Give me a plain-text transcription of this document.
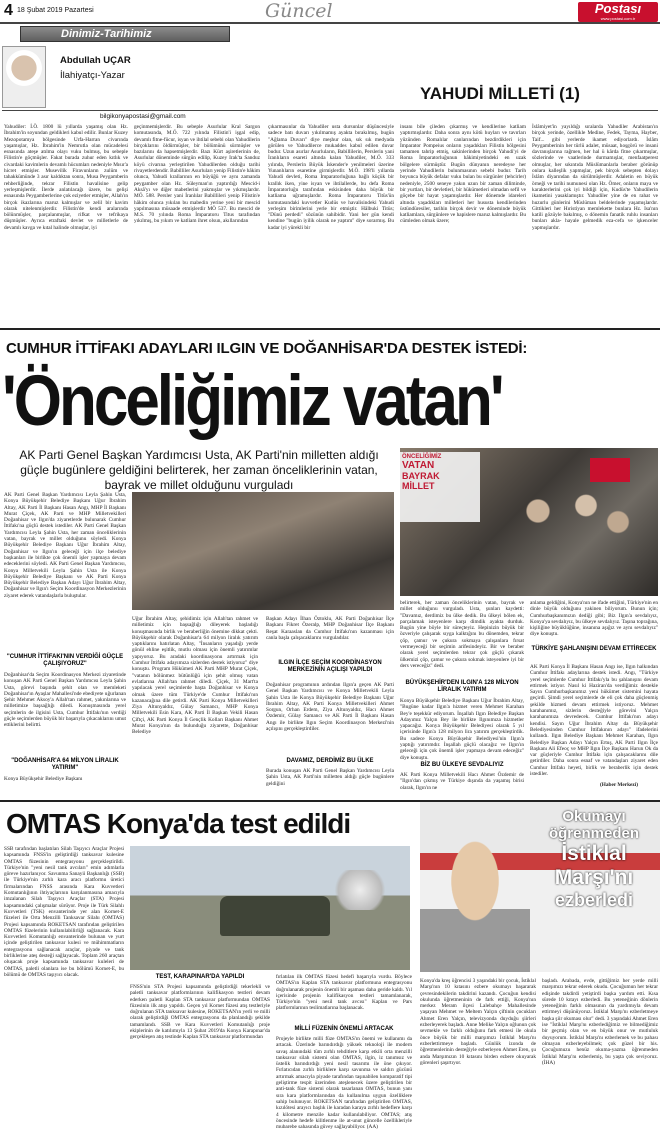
4 18 Şubat 2019 Pazartesi	Güncel	Postası
www.postasi.com.tr
Dinimiz-Tarihimiz
Abdullah UÇAR
İlahiyatçı-Yazar
YAHUDİ MİLLETİ (1)
bilgikonyapostasi@gmail.com
Yahudiler: İ.Ö. 1800 lü yıllarda yaşamış olan Hz. İbrahim'in soyundan geldikleri kabul edilir. Bunlar Kuzey Mezopotamya bölgesinde Urfa-Harran civarında yaşamışlar, Hz. İbrahim'in Nemrutla olan mücadelesi esnasında ateşe atılma olayı vuku bulmuş, bu sebeple Filistin'e göçmüşler. Fakat burada zuhur eden kıtlık ve civardaki kavimlerin devamlı hücumları nedeniyle Mısır'a hicret etmişler. Musevilik Firavunların zulüm ve tahakkümünde 3 asır kaldıktan sonra, Musa Peygamberin rehberliğinde, tekrar Filistin havalisine gelip yerleşmişlerdir. İlerde anlatılacağı üzere, bu gelişi esnasında Peygamberlerine çok eziyetler etmişler, Allah'ın birçok ikazlarına maruz kalmışlar ve zelil bir kavim olarak nitelenmişlerdir. Filistin'de kendi aralarında bölünmüşler, parçalanmışlar, rifkat ve tefrikaya düşmüşler. Ayrıca etraftaki devlet ve milletlerle de devamlı kavga ve kıtal halinde olmuşlar, iyi
geçinmemişlerdir. Bu sebeple Asurlular Kral Sargon komutasında, M.Ö. 722 yılında Filistin'i işgal edip, devamlı fitne-fücur, isyan ve ihtilal sebebi olan Yahudilerin birçoklarını öldürmüşler, bir bölümünü sürmüşler ve bazılarını da hapsetmişlerdir. Bazı Kürt aşiretlerinin de, Asurlular döneminde sürgün edilip, Kuzey Irak'ta Sanduz köyü civarına yerleştirilen Yahudilerden olduğu tarihi rivayetlerdendir. Babilliler Asurluları yenip Filistin'e hâkim olunca, Yahudi krallarının en büyüğü ve aynı zamanda peygamber olan Hz. Süleyman'ın yaptırdığı Mescid-i Aksâ'yı ve diğer mabetlerini yakmışlar ve yıkmışlardır. MÖ. 588. Persler yani İranlılar Babillileri yenip Filistin'e hâkim olunca yıkılan bu mabedin yerine yeni bir mescid yapılmasına müsaade etmişlerdir MÖ 537. Bu mescid de M.S. 70 yılında Roma İmparatoru Titus tarafından yıkılmış, bu yıkım ve katliam ihret olsun, akıllarından
çıkarmasınlar da Yahudiler usta dursunlar düşüncesiyle sadece batı duvarı yıkılmamış ayakta bırakılmış, bugün "Ağlama Duvarı" diye meşhur olan, sık sık medyada görülen ve Yahudilerce mukaddes kabul edilen duvar budur. Uzun asırlar Asurluların, Babillilerin, Perslerin yani İranlıların esareti altında kalan Yahudiler, M.Ö. 333 yılında, Perslerin Büyük İskender'e yenilmeleri üzerine Yunanlıların esaretine girmişlerdir. M.Ö. 198'li yıllarda Yahudi devleti, Roma İmparatorluğuna bağlı küçük bir krallık iken, yine isyan ve ihtilallerde, bu defa Roma İmparatorluğu tarafından eskisinden daha büyük bir katliama uğramışlardır. Roma İmparatoru Titüs'ün komutasındaki kuvvetler Kudüs ve havalisindeki Yahudi yerleşim birimlerini yerle bir etmiştir. Hâlbuki Titüs; "Dünü perdedi" sözünün sahibidir. Yani her gün kendi kendine "bugün iyilik olarak ne yaptım" diye sorarmış. Bu kadar iyi yürekli bir
insanı bile çileden çıkarmış ve kendilerine katliam yaptırmışlardır. Daha sonra aynı kötü huyları ve tavırları yüzünden Romalılar canlarından bezdirdikleri için İmparator Pompeius onların yaşadıkları Filistin bölgesini tamamen tahrip etmiş, sakinlerinden birçok Yahudi'yi de Roma İmparatorluğunun hâkimiyetindeki en uzak bölgelere sürmüştür. Bugün dünyanın neredeyse her yerinde Yahudilerin bulunmasının sebebi budur. Tarih boyunca büyük defalar vuku bulan bu sürgünler (tehcirler) nedeniyle, 2500 seneye yakın uzun bir zaman diliminde, bir yurtları, bir devletleri, bir hükümetleri olmadan sefil ve göçebe bir hayat yaşamışlardır. Her dönemde idareleri altında yaşadıkları milletleri her hususta kendilerinden üstündüresiler, tarihin birçok devir ve döneminde büyük katliamlara, sürgünlere ve hapislere maruz kalmışlardır. Bu cümleden olmak üzere;
İslâmiyet'in yayıldığı sıralarda Yahudiler Arabistan'ın birçok yerinde, özellikle Medine, Fedek, Tayma, Hayber, Taif... gibi yerlerde ikamet ediyorlardı. İslâm Peygamberinin her türlü adalet, müsaat, hoşgörü ve insani davranışlarına rağmen, her hal ü kârda fitne çıkarmışlar, sözlerinde ve vaatlerinde durmamışlar, menfaatperest olmuşlar, her sıkıntıda Müslümanlarla beraber görünüp onlara kalleşlik yapmışlar, pek birçok sebepten dolayı İslâm diyarından da sürülmüşlerdir. Adaletin en büyük örneği ve tarihi numunesi olan Hz. Ömer, onların maya ve karakterlerini çok iyi bildiği için, Kudüs'te Yahudilerin ikametini yasaklamıştır. Yahudiler yine de en rahat ve huzurlu günlerini Müslüman beldelerinde yaşamışlardır. Gittikleri her Hıristiyan memlekette bunlara Hz. Isa'nın katili gözüyle bakılmış, o dönemin fanatik ruhlu insanları bunları akla- hayale gelmedik eza-cefa ve işkenceler yapmışlardır.
CUMHUR İTTİFAKI ADAYLARI ILGIN VE DOĞANHİSAR'DA DESTEK İSTEDİ:
'Önceliğimiz vatan'
AK Parti Genel Başkan Yardımcısı Usta, AK Parti'nin milletten aldığı güçle bugünlere geldiğini belirterek, her zaman önceliklerinin vatan, bayrak ve millet olduğunu vurguladı
ÖNCELİĞİMİZ
VATAN
BAYRAK
MİLLET
AK Parti Genel Başkan Yardımcısı Leyla Şahin Usta, Konya Büyükşehir Belediye Başkanı Uğur İbrahim Altay, AK Parti İl Başkanı Hasan Angı, MHP İl Başkanı Murat Çiçek, AK Parti ve MHP Milletvekilleri Doğanhisar ve Ilgın'da ziyaretlerde bulunarak Cumhur İttifakı'na güçlü destek istediler. AK Parti Genel Başkan Yardımcısı Leyla Şahin Usta, her zaman önceliklerinin vatan, bayrak ve millet olduğunu söyledi. Konya Büyükşehir Belediye Başkanı Uğur İbrahim Altay, Doğanhisar ve Ilgın'ın geleceği için ilçe belediye başkanları ile birlikte çok önemli işler yapmaya devam edeceklerini söyledi. AK Parti Genel Başkan Yardımcısı, Konya Milletvekili Leyla Şahin Usta ile Konya Büyükşehir Belediye Başkanı ve AK Parti Konya Büyükşehir Belediye Başkan Adayı Uğur İbrahim Altay, Doğanhisar ve Ilgın'ı Seçim Koordinasyon Merkezlerinin ziyaret ederek vatandaşlarla buluştular.
"CUMHUR İTTİFAKI'NIN VERDİĞİ GÜÇLE ÇALIŞIYORUZ"
Doğanhisar'da Seçim Koordinasyon Merkezi ziyaretinde konuşan AK Parti Genel Başkan Yardımcısı Leyla Şahin Usta, görevi başında şehit olan ve memleketi Doğanhisar'ın Ayaşlar Mahallesi'nde ebediyete uğurlanan Şehit Mehmet Aksoy'a Allah'tan rahmet, yakınlarına ve milletimize başsağlığı diledi. Konuşmasında yerel seçimlerin de ilgisini Usta, Cumhur İttifakı'nın verdiği güçle seçimlerden büyük bir başarıyla çıkacaklarını umut ettiklerini belirtti.
"DOĞANHİSAR'A 64 MİLYON LİRALIK YATIRIM"
Konya Büyükşehir Belediye Başkanı
Uğur İbrahim Altay, şehidimiz için Allah'tan rahmet ve milletimiz için başsağlığı dileyerek başladığı konuşmasında birlik ve beraberliğin önemine dikkat çekti. Büyükşehir olarak Doğanhisar'a 64 milyon liralık yatırım yaptıklarını hatırlatan Altay, "İnsanların yaşadığı yerde gönül ehline eşitlik, mutlu olması için önemli yatırımlar yapıyoruz. Bu aradaki koordinasyonu artırmak için Cumhur İttifakı adayımıza sizlerden destek istiyoruz" diye konuştu. Program Hükümeti AK Parti MHP Murat Çiçek, "vatanın bölünmez bütünlüğü için şehit olmuş vatan evlatlarına Allah'tan rahmet diledi. Çiçek, 31 Mart'ta yapılacak yerel seçimlerde başta Doğanhisar ve Konya olmak üzere tüm Türkiye'de Cumhur İttifakı'nın kazanacağına dile getirdi. AK Parti Konya Milletvekilleri Ziya Altunyaldız, Gülay Samancı, MHP Konya Milletvekili Esin Kara, AK Parti İl Başkan Vekili Hasan Çiftçi, AK Parti Konya İl Gençlik Kolları Başkanı Ahmet Murat Konya'nın da bulunduğu ziyarette, Doğanhisar Belediye
Başkan Adayı İlhan Öztoklu, AK Parti Doğanhisar İlçe Başkanı Fikret Özeralp, MHP Doğanhisar İlçe Başkanı Reşat Karaaslan da Cumhur İttifakı'nın kazanması için canla başla çalışacaklarını vurguladılar.
ILGIN İLÇE SEÇİM KOORDİNASYON MERKEZİNİN AÇILIŞI YAPILDI
Doğanhisar programının ardından Ilgın'a geçen AK Parti Genel Başkan Yardımcısı ve Konya Milletvekili Leyla Şahin Usta ile Konya Büyükşehir Belediye Başkanı Uğur İbrahim Altay, AK Parti Konya Milletvekilleri Ahmet Sorgun, Orhan Erdem, Ziya Altunyaldız, Hacı Ahmet Özdemir, Gülay Samancı ve AK Parti İl Başkanı Hasan Angı ile birlikte Ilgın Seçim Koordinasyon Merkezi'nin açılışını gerçekleştirdiler.
DAVAMIZ, DERDİMİZ BU ÜLKE
Burada konuşan AK Parti Genel Başkan Yardımcısı Leyla Şahin Usta, AK Parti'nin milletten aldığı güçle bugünlere geldiğini
belirterek, her zaman önceliklerinin vatan, bayrak ve millet olduğunu vurguladı. Usta, şunları kaydetti: "Davamız, derdimiz bu ülke dedik. Bu ülkeyi bölen ek, parçalamak isteyenlere karşı dimdik ayakta durduk. Bugün yine böyle bir süreçteyiz. Hepinizin büyük bir özveriyle çalışarak sıyga kalktığını bu dönemden, tekrar çöp, çamur ve çukura sokmaya çalışanlara fırsat vermeyeceği bir seçimin arifesindeyiz. Bir ve beraber olarak yerel seçimlerden tekrar çok güçlü çıkarak ülkemizi çöp, çamur ve çukura sokmak isteyenlere iyi bir ders vereceğiz" dedi.
BÜYÜKŞEHİR'DEN ILGIN'A 128 MİLYON LİRALIK YATIRIM
Konya Büyükşehir Belediye Başkanı Uğur İbrahim Altay, "Bugüne kadar Ilgın'a hizmet veren Mehmet Karahan Bey'e teşekkür ediyorum. İnşallah Ilgın Belediye Başkan Adayımız Yalçın Bey ile birlikte Ilgınımıza hizmetler yapacağız. Konya Büyükşehir Belediyesi olarak 5 yıl içerisinde Ilgın'a 128 milyon lira yatırım gerçekleştirdik. Bu sadece Konya Büyükşehir Belediyesi'nin Ilgın'a yaptığı yatırımdır. İnşallah güçlü olacağız ve Ilgın'ın geleceği için çok önemli işler yapmaya devam edeceğiz" diye konuştu.
BİZ BU ÜLKEYE SEVDALIYIZ
AK Parti Konya Milletvekili Hacı Ahmet Özdemir de "Ilgın'dan çıkmış ve Türkiye dışında da yaşamış birisi olarak, Ilgın'ın ne
anlama geldiğini, Konya'nın ne ifade ettiğini, Türkiye'nin en dinle büyük olduğunu yakinen biliyorum. Bunun için; Cumhurbaşkanımızın dediği gibi; Biz Ilgın'a sevdalıyız, Konya'ya sevdalıyız, bu ülkeye sevdalıyız. Taşına toprağına, kişiliğine büyüklüğüne, insanına aşığız ve aynı sevdalıyız" diye konuştu.
TÜRKİYE ŞAHLANIŞINI DEVAM ETTİRECEK
AK Parti Konya İl Başkanı Hasan Angı ise, Ilgın halkından Cumhur İttifakı adaylarına destek istedi. Angı, "Türkiye yerel seçimlerde Cumhur İttifakı'yla bu şahlanışını devam ettirmek istiyor. Nasıl ki Haziran'da verdiğimiz destekle Sayın Cumhurbaşkanımız yeni hükümet sistemini hayata geçirdi. Şimdi yerel seçimlerde de eli çok daha güçlenmiş şekilde hizmeti devam ettirmek istiyoruz. Mehmet karahanımız, sizlerin desteğiyle görevini Yalçın karahanımıza devredecek. Cumhur İttifakı'nın adayı kendisi. Sayın Uğur İbrahim Altay da Büyükşehir Belediyesinden Cumhur İttifakının adayı" ifadelerini kullandı. Ilgın Belediye Başkanı Mehmet Karahan, Ilgın Belediye Başkan Adayı Yalçın Ertuş, AK Parti Ilgın İlçe Başkanı Ali Efeoç ve MHP Ilgın İlçe Başkanı Harun Ok da var güçleriyle Cumhur İttifakı için çalışacaklarını dile getirdiler. Daha sonra esnaf ve vatandaşları ziyaret eden Cumhur İttifakı heyeti, birlik ve beraberlik için destek istediler.
(Haber Merkezi)
OMTAS Konya'da test edildi
SSB tarafından başlatılan Silah Taşıyıcı Araçlar Projesi kapsamında FNSS'in geliştirdiği tanksavar kulesine OMTAS füzesinin entegrasyonu gerçekleştirildi. Türkiye'nin "yeni nesil tank avcıları" emin adımlarla göreve hazırlanıyor. Savunma Sanayii Başkanlığı (SSB) ile Türkiye'nin zırhlı kara aracı platformu üretici firmalarından FNSS arasında Kara Kuvvetleri Komutanlığının ihtiyaçlarının karşılanmasına amacıyla imzalanan Silah Taşıyıcı Araçlar (STA) Projesi kapsamındaki çalışmalar sürüyor. Proje ile Türk Silahlı Kuvvetleri (TSK) envanterinde yer alan Kornet-E füzeleri ile Orta Menzilli Tanksavar Silahı (OMTAS) Projesi kapsamında ROKETSAN tarafından geliştirilen OMTAS füzelerinin kullanılabilirliği sağlanacak. Kara Kuvvetleri Komutanlığı envanterinde bulunan ve yurt içinde geliştirilen tanksavar kulesi ve mühimmatların entegrasyonu sağlanacak araçlar, piyade ve tank birliklerine ateş desteği sağlayacak. Toplam 260 araçtan oluşacak proje kapsamında tanksavar kuleleri de OMTAS, paletli olanlara ise bu bölümü Kornet-E, bu bölümü de OMTAS taşıyıcı olacak.	TEST, KARAPINAR'DA YAPILDI
FNSS'nin STA Projesi kapsamında geliştirdiği tekerlekli ve paletli tanksavar platformlarının kalifikasyon testleri devam ederken paletli Kaplan STA tanksavar platformundan OMTAS füzesinin ilk atışı yapıldı. Geçen yıl Kornet füzesi atış testleriyle doğrulanan STA tanksavar kulesine, ROKETSAN'ın yerli ve milli olarak geliştirdiği OMTAS entegrasyonu da planlandığı şekilde tamamlandı. SSB ve Kara Kuvvetleri Komutanlığı proje ekiplerinin de katılımıyla 13 Şubat 2019'da Konya Karapınar'da gerçekleşen atış testinde Kaplan STA tanksavar platformundan
fırlatılan ilk OMTAS füzesi hedefi başarıyla vurdu. Böylece OMTAS'ın Kaplan STA tanksavar platformuna entegrasyonu doğrulanarak projenin önemli bir aşaması daha geride kaldı. Yıl içerisinde projenin kalifikasyon testleri tamamlanarak, Türkiye'nin "yeni nesil tank avcısı" Kaplan ve Pars platformlarının teslimatlarına başlanacak.
MİLLİ FÜZENİN ÖNEMLİ ARTACAK
Projeyle birlikte milli füze OMTAS'ın önemi ve kullanımı da artacak. Üzerinde barındırdığı yüksek teknoloji ile modern savaş alanındaki tüm zırhlı tehditlere karşı etkili orta menzilli tanksavar silah sistemi olan OMTAS, ilgin, iz tanımsız ve üstelik barındırdığı yeni nesil tasarımı ile öne çıkıyor. Fırlatıcıdan zırhlı birliklere karşı savunma ve saldırı gücünü artırmak amacıyla piyade tarafından taşınabilen komparatif tipi geliştirme tespit üzerinden ateşlenecek üzere geliştirilen bir anti-tank füze sistemi olarak tasarlanan OMTAS, bunun yanı sıra kara platformlarından da kullanılma uygun özelliklere sahip bulunuyor. ROKETSAN tarafından geliştirilen OMTAS, kızılötesi arayıcı başlık ile karadan karaya zırhlı hedeflere karşı 4 kilometre menzile kadar kullanılabiliyor. OMTAS; atış öncesinde hedefe kilitlenme ile at-unut güncelle özellikleriyle mubarebe sahasında güvey sağlayabiliyor. (AA)
Okumayı
öğrenmeden
İstiklal
Marşı'nı
ezberledi
Konya'da kreş öğrencisi 3 yaşındaki bir çocuk, İstiklal Marşı'nın 10 kıtasını ezbere okumayı başararak çevresindekilerin takdirini kazandı. Çocuğun kendisi okulunda öğretmeninin de fark ettiği, Konya'nın merkez Meram ilçesi Lalebahçe Mahallesinde yaşayan Mehmet ve Meltem Yalçın çiftinin çocukları Ahmet Eren Yalçın, televizyonda duyduğu şiirleri ezberleyerek başladı. Anne Melike Yalçın oğlunun çok sevmekle ve farklı olduğunu fark etmesi ile okula önce büyük bir milli marşımızı İstiklal Marşı'nı ezberlettirmeye başladı. Günlük izonda de öğretmenlerinin desteğiyle ezberleyen Ahmet Eren, şu anda Marşımızın 10 kıtasını birden ezbere okuyarak görenleri şaşırtıyor.
başladı. Arabada, evde, gittiğimiz her yerde milli marşımızı tekrar ederek okudu. Çocuğumun her tekrar edişinde takdirdi yetiştirdi başka yardım etti. Kısa sürede 10 kıtayı ezberledi. Bu yeteneğinin dönlerin yeteneğinin farklı olmasının da yardımıyla devam ettirmeyi düşünüyoruz. İstiklal Marşı'nı ezberletmeye başka şiir okuması olur" dedi. 3 yaşındaki Ahmet Eren ise "İstiklal Marşı'nı ezberlediğimiz ve bilmediğimiz bir geçmiş olan ve en büyük onur ve mutluluk duyuyorum. İstiklal Marşı'nı ezberlemek ve bu pahası olmayan ezberleyebilmek; çok güzel bir his. Çocuğumuzu henüz okuma-yazma öğrenmeden İstiklal Marşı'nı ezberlemiş, bu yaşta çok seviyoruz. (İHA)
